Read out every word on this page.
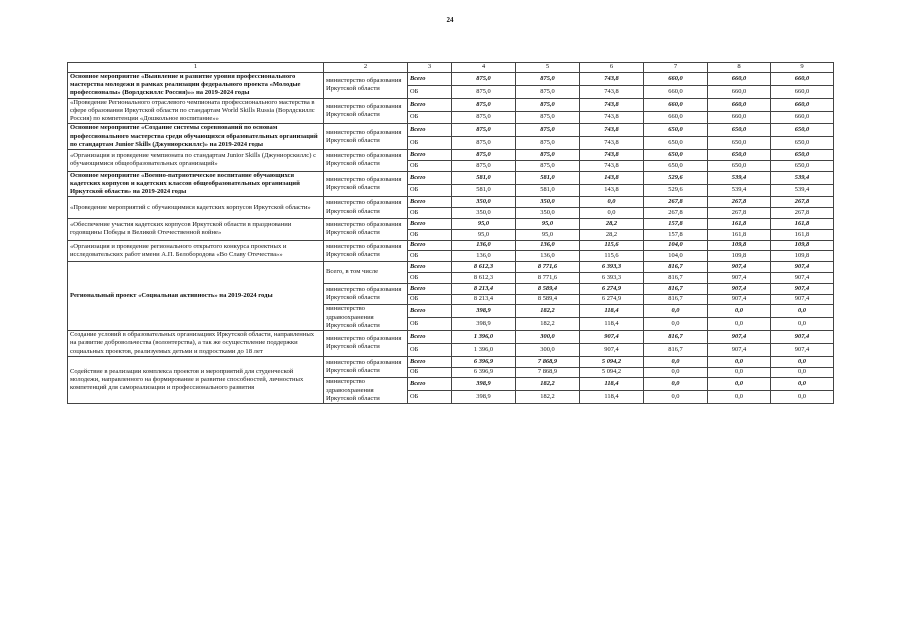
24
1	2	3	4	5	6	7	8	9
Основное мероприятие «Выявление и развитие уровня профессионального мастерства молодежи в рамках реализации федерального проекта «Молодые профессионалы» (Ворлдскиллс Россия)»» на 2019-2024 годы	министерство образования Иркутской области	Всего	875,0	875,0	743,8	660,0	660,0	660,0
		ОБ	875,0	875,0	743,8	660,0	660,0	660,0
«Проведение Регионального отраслевого чемпионата профессионального мастерства в сфере образования Иркутской области по стандартам World Skills Russia (Ворлдскиллс Россия) по компетенции «Дошкольное воспитание»»	министерство образования Иркутской области	Всего	875,0	875,0	743,8	660,0	660,0	660,0
		ОБ	875,0	875,0	743,8	660,0	660,0	660,0
Основное мероприятие «Создание системы соревнований по основам профессионального мастерства среди обучающихся образовательных организаций по стандартам Junior Skills (Джуниорскиллс)» на 2019-2024 годы	министерство образования Иркутской области	Всего	875,0	875,0	743,8	650,0	650,0	650,0
		ОБ	875,0	875,0	743,8	650,0	650,0	650,0
«Организация и проведение чемпионата по стандартам Junior Skills (Джуниорскиллс) с обучающимися общеобразовательных организаций»	министерство образования Иркутской области	Всего	875,0	875,0	743,8	650,0	650,0	650,0
		ОБ	875,0	875,0	743,8	650,0	650,0	650,0
Основное мероприятие «Военно-патриотическое воспитание обучающихся кадетских корпусов и кадетских классов общеобразовательных организаций Иркутской области» на 2019-2024 годы	министерство образования Иркутской области	Всего	581,0	581,0	143,8	529,6	539,4	539,4
		ОБ	581,0	581,0	143,8	529,6	539,4	539,4
«Проведение мероприятий с обучающимися кадетских корпусов Иркутской области»	министерство образования Иркутской области	Всего	350,0	350,0	0,0	267,8	267,8	267,8
		ОБ	350,0	350,0	0,0	267,8	267,8	267,8
«Обеспечение участия кадетских корпусов Иркутской области в праздновании годовщины Победы в Великой Отечественной войне»	министерство образования Иркутской области	Всего	95,0	95,0	28,2	157,8	161,8	161,8
		ОБ	95,0	95,0	28,2	157,8	161,8	161,8
«Организация и проведение регионального открытого конкурса проектных и исследовательских работ имени А.П. Белобородова «Во Славу Отечества»»	министерство образования Иркутской области	Всего	136,0	136,0	115,6	104,0	109,8	109,8
		ОБ	136,0	136,0	115,6	104,0	109,8	109,8
Региональный проект «Социальная активность» на 2019-2024 годы	Всего, в том числе	Всего	8 612,3	8 771,6	6 393,3	816,7	907,4	907,4
		ОБ	8 612,3	8 771,6	6 393,3	816,7	907,4	907,4
	министерство образования Иркутской области	Всего	8 213,4	8 589,4	6 274,9	816,7	907,4	907,4
		ОБ	8 213,4	8 589,4	6 274,9	816,7	907,4	907,4
	министерство здравоохранения Иркутской области	Всего	398,9	182,2	118,4	0,0	0,0	0,0
		ОБ	398,9	182,2	118,4	0,0	0,0	0,0
Создание условий в образовательных организациях Иркутской области, направленных на развитие добровольчества (волонтерства), а так же осуществление поддержки социальных проектов, реализуемых детьми и подростками до 18 лет	министерство образования Иркутской области	Всего	1 396,0	300,0	907,4	816,7	907,4	907,4
		ОБ	1 396,0	300,0	907,4	816,7	907,4	907,4
Содействие в реализации комплекса проектов и мероприятий для студенческой молодежи, направленного на формирование и развитие способностей, личностных компетенций для самореализации и профессионального развития	министерство образования Иркутской области	Всего	6 396,9	7 868,9	5 094,2	0,0	0,0	0,0
		ОБ	6 396,9	7 868,9	5 094,2	0,0	0,0	0,0
	министерство здравоохранения Иркутской области	Всего	398,9	182,2	118,4	0,0	0,0	0,0
		ОБ	398,9	182,2	118,4	0,0	0,0	0,0
